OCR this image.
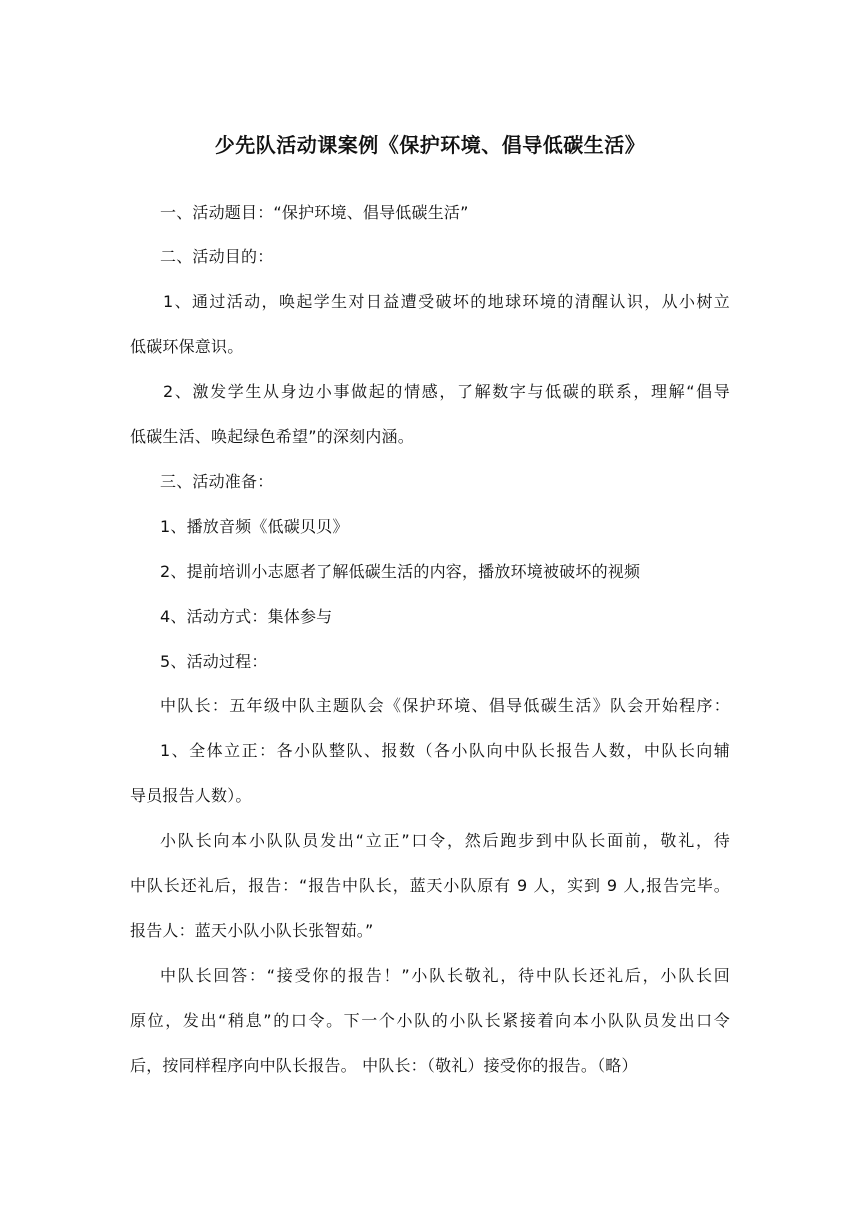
少先队活动课案例《保护环境、倡导低碳生活》
一、活动题目：“保护环境、倡导低碳生活”
二、活动目的：
1、通过活动，唤起学生对日益遭受破坏的地球环境的清醒认识，从小树立
低碳环保意识。
2、激发学生从身边小事做起的情感，了解数字与低碳的联系，理解“倡导
低碳生活、唤起绿色希望”的深刻内涵。
三、活动准备：
1、播放音频《低碳贝贝》
2、提前培训小志愿者了解低碳生活的内容，播放环境被破坏的视频
4、活动方式：集体参与
5、活动过程：
中队长：五年级中队主题队会《保护环境、倡导低碳生活》队会开始程序：
1、全体立正：各小队整队、报数（各小队向中队长报告人数，中队长向辅
导员报告人数）。
小队长向本小队队员发出“立正”口令，然后跑步到中队长面前，敬礼，待
中队长还礼后，报告：“报告中队长，蓝天小队原有 9 人，实到 9 人,报告完毕。
报告人：蓝天小队小队长张智茹。”
中队长回答：“接受你的报告！”小队长敬礼，待中队长还礼后，小队长回
原位，发出“稍息”的口令。下一个小队的小队长紧接着向本小队队员发出口令
后，按同样程序向中队长报告。 中队长：（敬礼）接受你的报告。（略）
